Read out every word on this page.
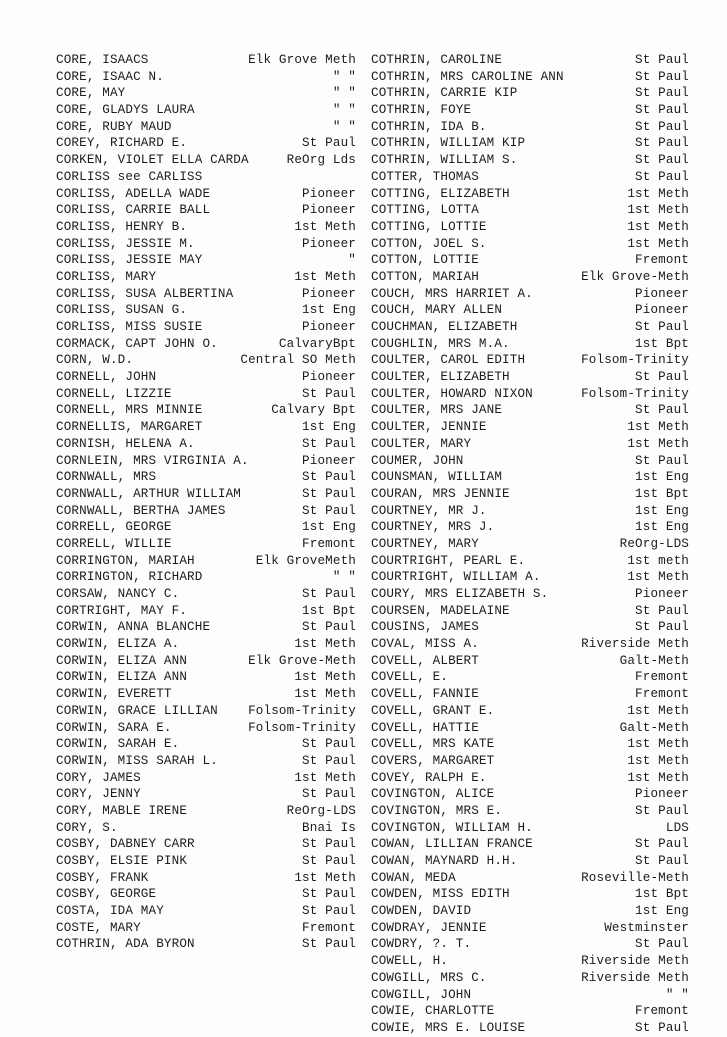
CORE, ISAACS	Elk Grove Meth
CORE, ISAAC N.	" "
CORE, MAY	" "
CORE, GLADYS LAURA	" "
CORE, RUBY MAUD	" "
COREY, RICHARD E.	St Paul
CORKEN, VIOLET ELLA CARDA	ReOrg Lds
CORLISS see CARLISS
CORLISS, ADELLA WADE	Pioneer
CORLISS, CARRIE BALL	Pioneer
CORLISS, HENRY B.	1st Meth
CORLISS, JESSIE M.	Pioneer
CORLISS, JESSIE MAY	"
CORLISS, MARY	1st Meth
CORLISS, SUSA ALBERTINA	Pioneer
CORLISS, SUSAN G.	1st Eng
CORLISS, MISS SUSIE	Pioneer
CORMACK, CAPT JOHN O.	CalvaryBpt
CORN, W.D.	Central SO Meth
CORNELL, JOHN	Pioneer
CORNELL, LIZZIE	St Paul
CORNELL, MRS MINNIE	Calvary Bpt
CORNELLIS, MARGARET	1st Eng
CORNISH, HELENA A.	St Paul
CORNLEIN, MRS VIRGINIA A.	Pioneer
CORNWALL, MRS	St Paul
CORNWALL, ARTHUR WILLIAM	St Paul
CORNWALL, BERTHA JAMES	St Paul
CORRELL, GEORGE	1st Eng
CORRELL, WILLIE	Fremont
CORRINGTON, MARIAH	Elk GroveMeth
CORRINGTON, RICHARD	" "
CORSAW, NANCY C.	St Paul
CORTRIGHT, MAY F.	1st Bpt
CORWIN, ANNA BLANCHE	St Paul
CORWIN, ELIZA A.	1st Meth
CORWIN, ELIZA ANN	Elk Grove-Meth
CORWIN, ELIZA ANN	1st Meth
CORWIN, EVERETT	1st Meth
CORWIN, GRACE LILLIAN Folsom-Trinity
CORWIN, SARA E.	Folsom-Trinity
CORWIN, SARAH E.	St Paul
CORWIN, MISS SARAH L.	St Paul
CORY, JAMES	1st Meth
CORY, JENNY	St Paul
CORY, MABLE IRENE	ReOrg-LDS
CORY, S.	Bnai Is
COSBY, DABNEY CARR	St Paul
COSBY, ELSIE PINK	St Paul
COSBY, FRANK	1st Meth
COSBY, GEORGE	St Paul
COSTA, IDA MAY	St Paul
COSTE, MARY	Fremont
COTHRIN, ADA BYRON	St Paul
COTHRIN, CAROLINE	St Paul
COTHRIN, MRS CAROLINE ANN	St Paul
COTHRIN, CARRIE KIP	St Paul
COTHRIN, FOYE	St Paul
COTHRIN, IDA B.	St Paul
COTHRIN, WILLIAM KIP	St Paul
COTHRIN, WILLIAM S.	St Paul
COTTER, THOMAS	St Paul
COTTING, ELIZABETH	1st Meth
COTTING, LOTTA	1st Meth
COTTING, LOTTIE	1st Meth
COTTON, JOEL S.	1st Meth
COTTON, LOTTIE	Fremont
COTTON, MARIAH	Elk Grove-Meth
COUCH, MRS HARRIET A.	Pioneer
COUCH, MARY ALLEN	Pioneer
COUCHMAN, ELIZABETH	St Paul
COUGHLIN, MRS M.A.	1st Bpt
COULTER, CAROL EDITH	Folsom-Trinity
COULTER, ELIZABETH	St Paul
COULTER, HOWARD NIXON	Folsom-Trinity
COULTER, MRS JANE	St Paul
COULTER, JENNIE	1st Meth
COULTER, MARY	1st Meth
COUMER, JOHN	St Paul
COUNSMAN, WILLIAM	1st Eng
COURAN, MRS JENNIE	1st Bpt
COURTNEY, MR J.	1st Eng
COURTNEY, MRS J.	1st Eng
COURTNEY, MARY	ReOrg-LDS
COURTRIGHT, PEARL E.	1st meth
COURTRIGHT, WILLIAM A.	1st Meth
COURY, MRS ELIZABETH S.	Pioneer
COURSEN, MADELAINE	St Paul
COUSINS, JAMES	St Paul
COVAL, MISS A.	Riverside Meth
COVELL, ALBERT	Galt-Meth
COVELL, E.	Fremont
COVELL, FANNIE	Fremont
COVELL, GRANT E.	1st Meth
COVELL, HATTIE	Galt-Meth
COVELL, MRS KATE	1st Meth
COVERS, MARGARET	1st Meth
COVEY, RALPH E.	1st Meth
COVINGTON, ALICE	Pioneer
COVINGTON, MRS E.	St Paul
COVINGTON, WILLIAM H.	LDS
COWAN, LILLIAN FRANCE	St Paul
COWAN, MAYNARD H.H.	St Paul
COWAN, MEDA	Roseville-Meth
COWDEN, MISS EDITH	1st Bpt
COWDEN, DAVID	1st Eng
COWDRAY, JENNIE	Westminster
COWDRY, ?. T.	St Paul
COWELL, H.	Riverside Meth
COWGILL, MRS C.	Riverside Meth
COWGILL, JOHN	" "
COWIE, CHARLOTTE	Fremont
COWIE, MRS E. LOUISE	St Paul
